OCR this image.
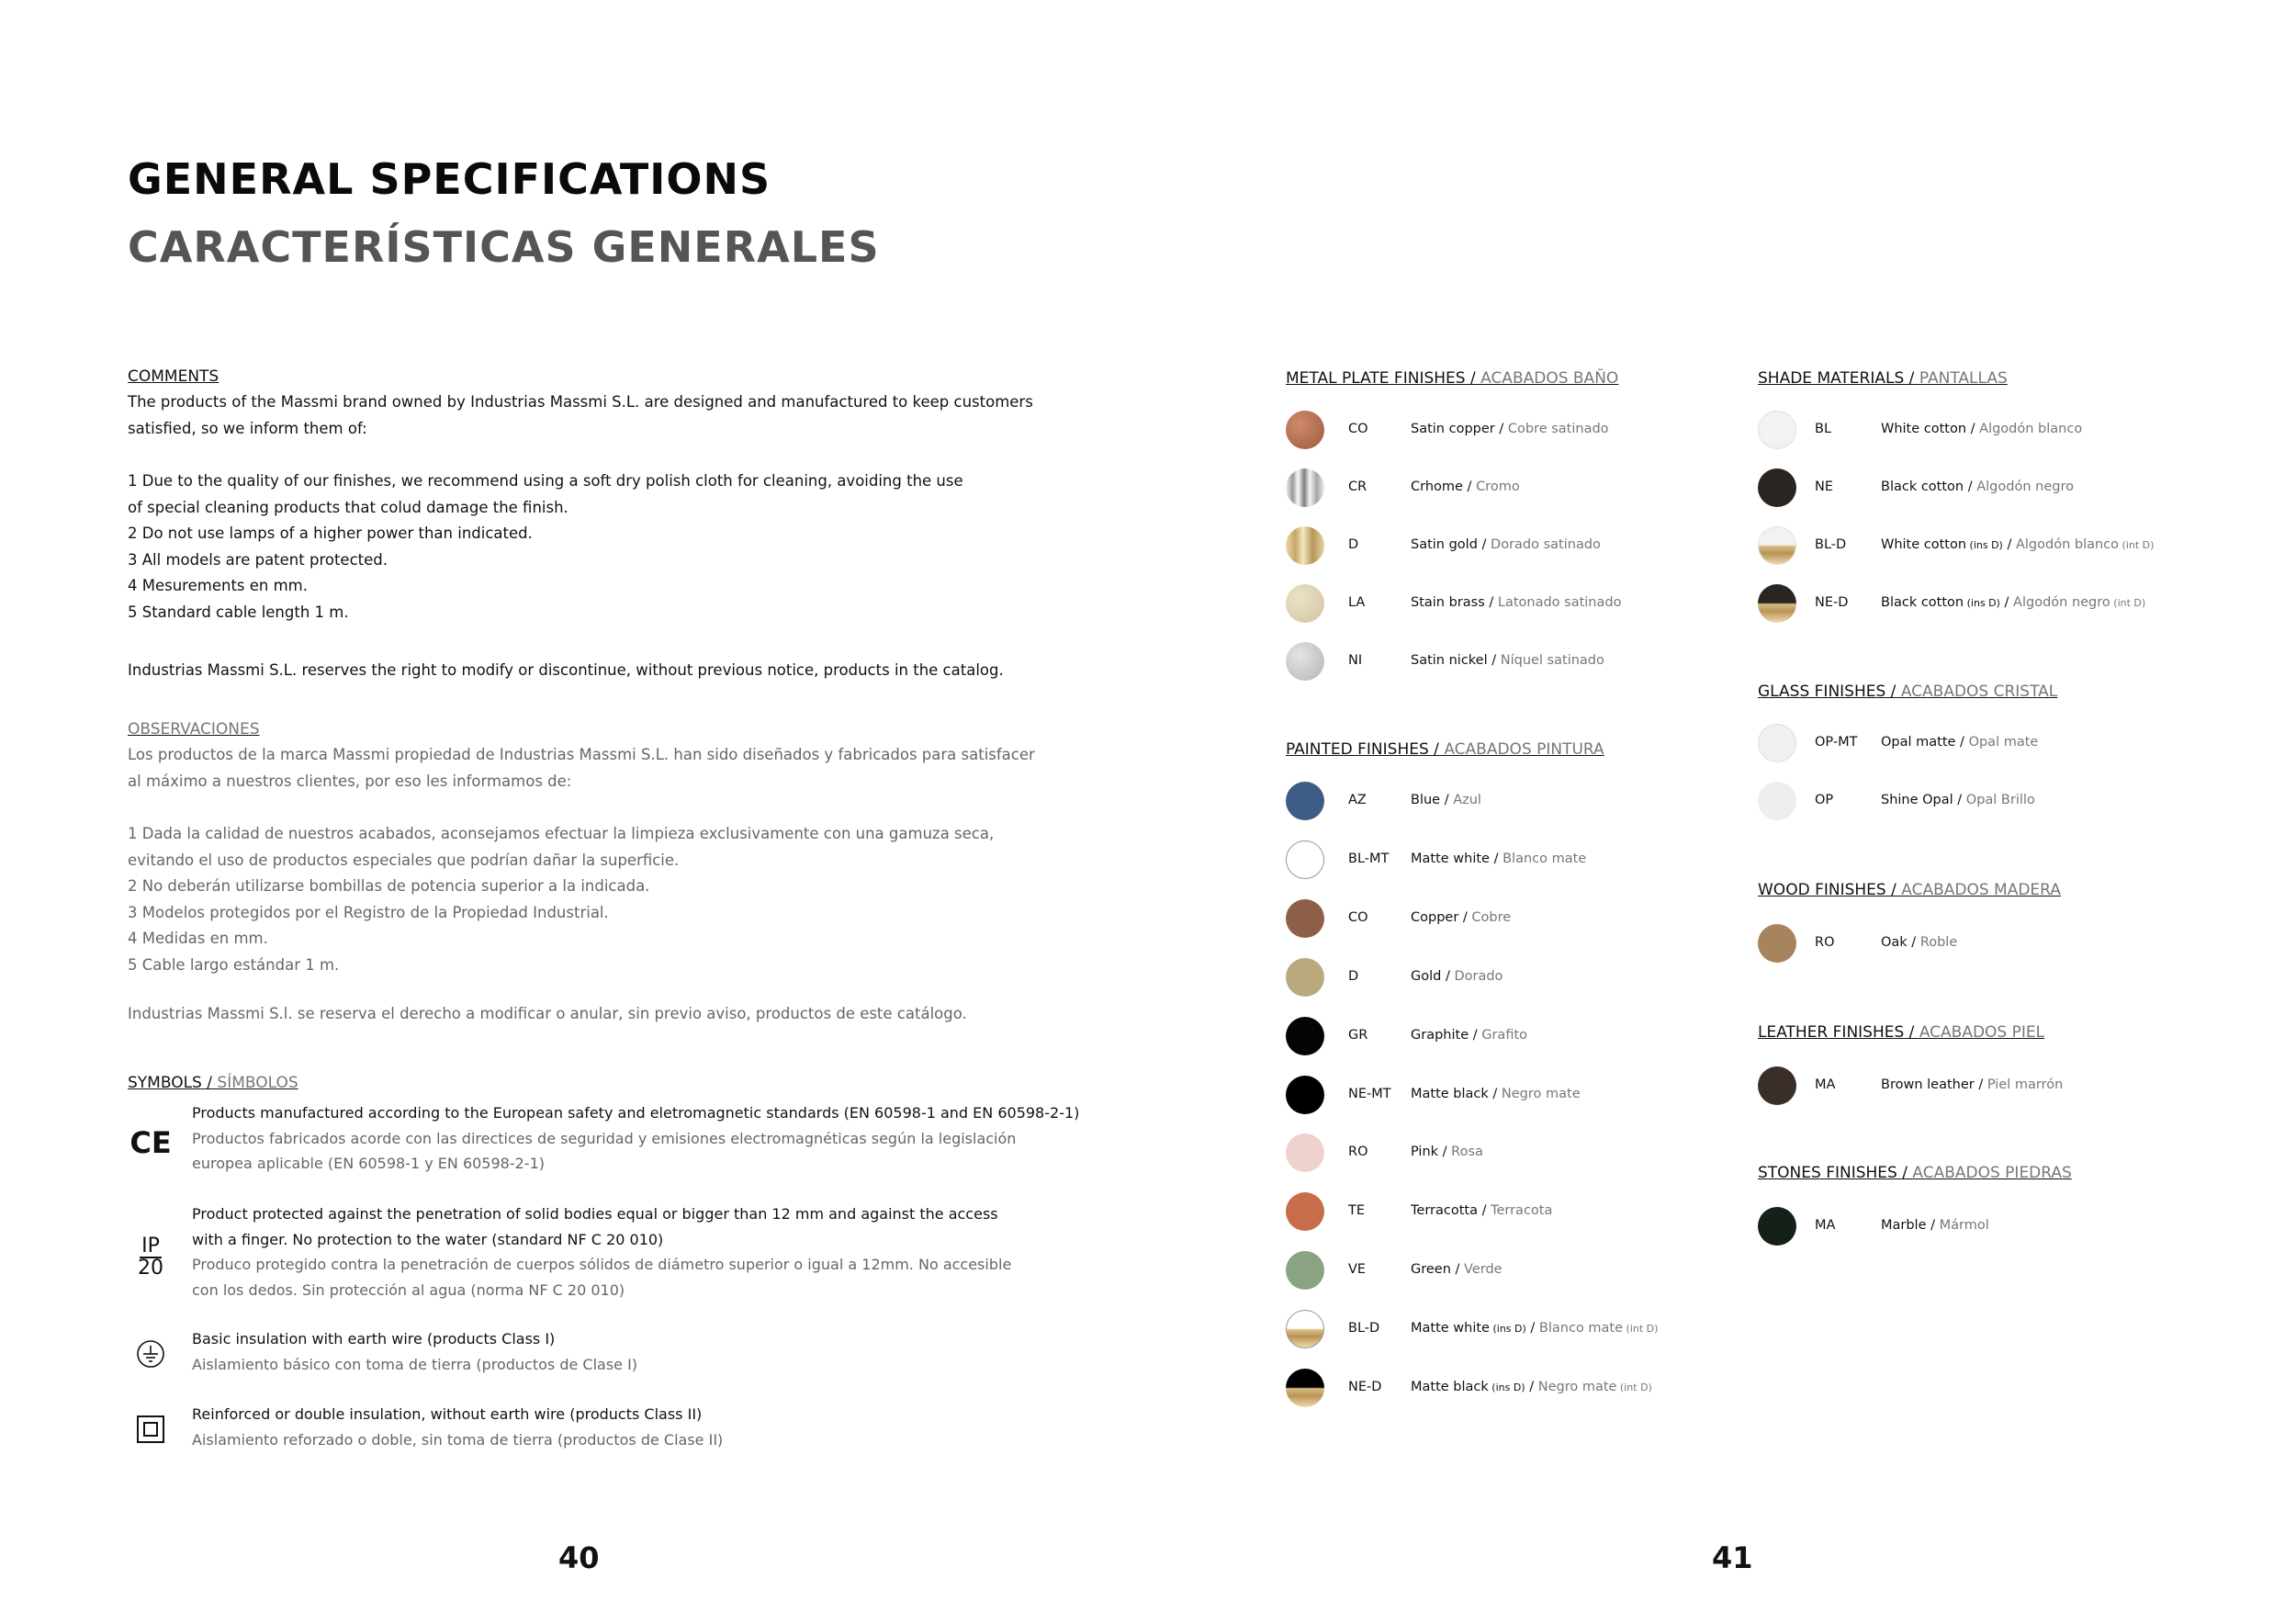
GENERAL SPECIFICATIONS
CARACTERÍSTICAS GENERALES
COMMENTS
The products of the Massmi brand owned by Industrias Massmi S.L. are designed and manufactured to keep customers
satisfied, so we inform them of:
1 Due to the quality of our finishes, we recommend using a soft dry polish cloth for cleaning, avoiding the use
of special cleaning products that colud damage the finish.
2 Do not use lamps of a higher power than indicated.
3 All models are patent protected.
4 Mesurements en mm.
5 Standard cable length 1 m.
Industrias Massmi S.L. reserves the right to modify or discontinue, without previous notice, products in the catalog.
OBSERVACIONES
Los productos de la marca Massmi propiedad de Industrias Massmi S.L. han sido diseñados y fabricados para satisfacer
al máximo a nuestros clientes, por eso les informamos de:
1 Dada la calidad de nuestros acabados, aconsejamos efectuar la limpieza exclusivamente con una gamuza seca,
evitando el uso de productos especiales que podrían dañar la superficie.
2 No deberán utilizarse bombillas de potencia superior a la indicada.
3 Modelos protegidos por el Registro de la Propiedad Industrial.
4 Medidas en mm.
5 Cable largo estándar 1 m.
Industrias Massmi S.l. se reserva el derecho a modificar o anular, sin previo aviso, productos de este catálogo.
SYMBOLS / SÍMBOLOS
CE
Products manufactured according to the European safety and eletromagnetic standards (EN 60598-1 and EN 60598-2-1)
Productos fabricados acorde con las directices de seguridad y emisiones electromagnéticas según la legislación
europea aplicable (EN 60598-1 y EN 60598-2-1)
IP
20
Product protected against the penetration of solid bodies equal or bigger than 12 mm and against the access
with a finger. No protection to the water (standard NF C 20 010)
Produco protegido contra la penetración de cuerpos sólidos de diámetro superior o igual a 12mm. No accesible
con los dedos. Sin protección al agua (norma NF C 20 010)
Basic insulation with earth wire (products Class I)
Aislamiento básico con toma de tierra (productos de Clase I)
Reinforced or double insulation, without earth wire (products Class II)
Aislamiento reforzado o doble, sin toma de tierra (productos de Clase II)
40	41
METAL PLATE FINISHES / ACABADOS BAÑO
CO	Satin copper / Cobre satinado
CR	Crhome / Cromo
D	Satin gold / Dorado satinado
LA	Stain brass / Latonado satinado
NI	Satin nickel / Níquel satinado
PAINTED FINISHES / ACABADOS PINTURA
AZ	Blue / Azul
BL-MT Matte white / Blanco mate
CO	Copper / Cobre
D	Gold / Dorado
GR	Graphite / Grafito
NE-MT Matte black / Negro mate
RO	Pink / Rosa
TE	Terracotta / Terracota
VE	Green / Verde
BL-D Matte white (ins D) / Blanco mate (int D)
NE-D Matte black (ins D) / Negro mate (int D)
SHADE MATERIALS / PANTALLAS
BL	White cotton / Algodón blanco
NE	Black cotton / Algodón negro
BL-D	White cotton (ins D) / Algodón blanco (int D)
NE-D Black cotton (ins D) / Algodón negro (int D)
GLASS FINISHES / ACABADOS CRISTAL
OP-MT Opal matte / Opal mate
OP	Shine Opal / Opal Brillo
WOOD FINISHES / ACABADOS MADERA
RO	Oak / Roble
LEATHER FINISHES / ACABADOS PIEL
MA	Brown leather / Piel marrón
STONES FINISHES / ACABADOS PIEDRAS
MA	Marble / Mármol
